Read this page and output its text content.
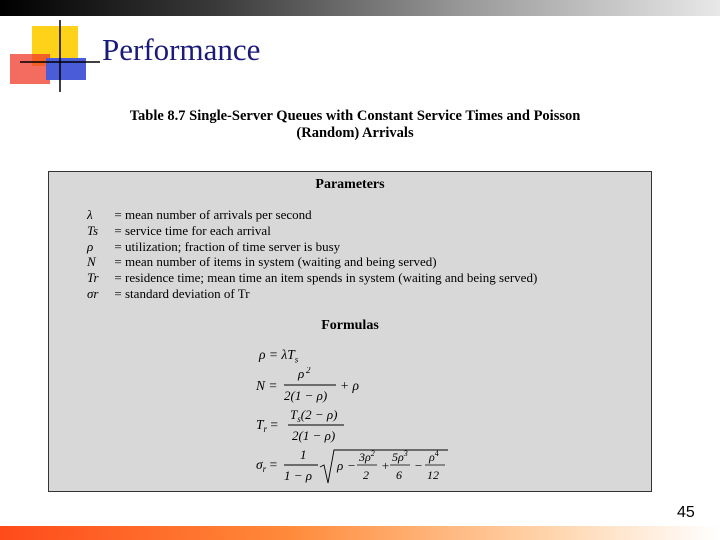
Performance
Table 8.7 Single-Server Queues with Constant Service Times and Poisson
(Random) Arrivals
Parameters
λ	= mean number of arrivals per second
Ts	= service time for each arrival
ρ	= utilization; fraction of time server is busy
N	= mean number of items in system (waiting and being served)
Tr	= residence time; mean time an item spends in system (waiting and being served)
σr	= standard deviation of Tr
Formulas
$\rho = \lambda T_s$
N =
ρ 2
2(1 − ρ)
+ ρ
$T_r$ =
$T_s(2 - \rho)$
2(1 − ρ)
$\sigma_r$ =
1
1 − ρ
ρ −
$3\rho^2$
2
+
$5\rho^3$
6
−
$\rho^4$
12
45
